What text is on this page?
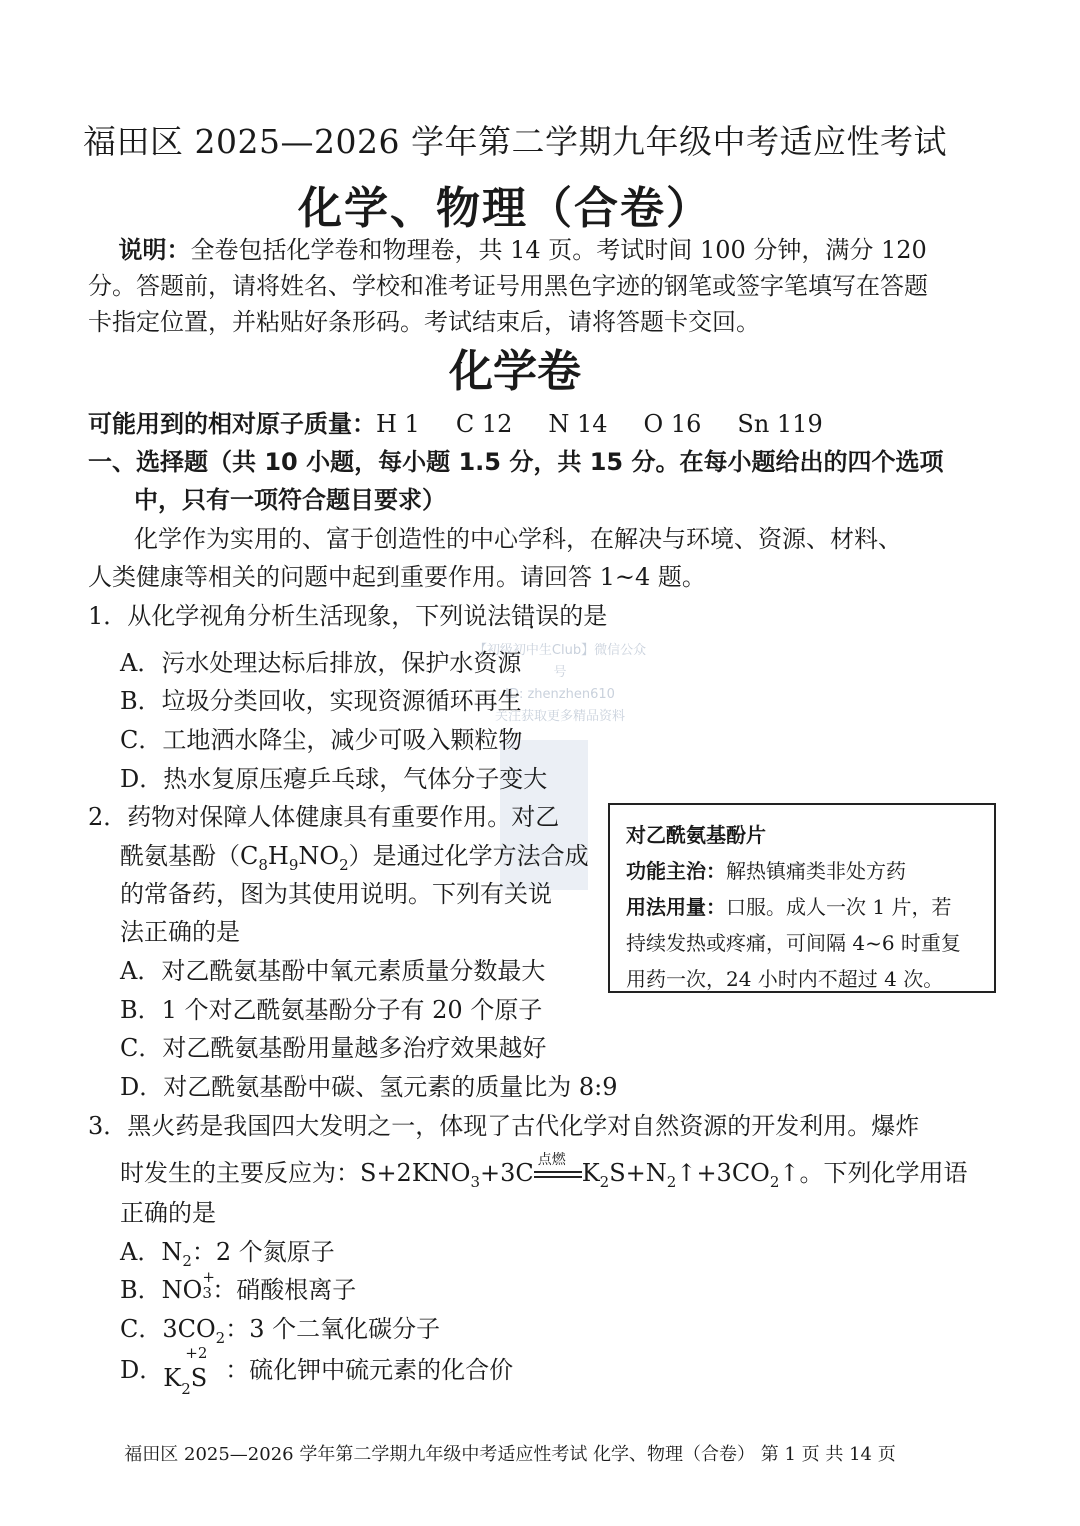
【初级初中生Club】微信公众号
ID: zhenzhen610
关注获取更多精品资料
福田区 2025—2026 学年第二学期九年级中考适应性考试
化学、物理（合卷）
说明：全卷包括化学卷和物理卷，共 14 页。考试时间 100 分钟，满分 120 分。答题前，请将姓名、学校和准考证号用黑色字迹的钢笔或签字笔填写在答题卡指定位置，并粘贴好条形码。考试结束后，请将答题卡交回。
化学卷
可能用到的相对原子质量：H 1 C 12 N 14 O 16 Sn 119
一、选择题（共 10 小题，每小题 1.5 分，共 15 分。在每小题给出的四个选项
中，只有一项符合题目要求）
化学作为实用的、富于创造性的中心学科，在解决与环境、资源、材料、
人类健康等相关的问题中起到重要作用。请回答 1~4 题。
1．从化学视角分析生活现象，下列说法错误的是
A．污水处理达标后排放，保护水资源
B．垃圾分类回收，实现资源循环再生
C．工地洒水降尘，减少可吸入颗粒物
D．热水复原压瘪乒乓球，气体分子变大
2．药物对保障人体健康具有重要作用。对乙
酰氨基酚$(C_8H_9NO_2)$是通过化学方法合成
的常备药，图为其使用说明。下列有关说
法正确的是
A．对乙酰氨基酚中氧元素质量分数最大
B．1 个对乙酰氨基酚分子有 20 个原子
C．对乙酰氨基酚用量越多治疗效果越好
D．对乙酰氨基酚中碳、氢元素的质量比为 8:9
对乙酰氨基酚片
功能主治：解热镇痛类非处方药
用法用量：口服。成人一次 1 片，若
持续发热或疼痛，可间隔 4~6 时重复
用药一次，24 小时内不超过 4 次。
3．黑火药是我国四大发明之一，体现了古代化学对自然资源的开发利用。爆炸
时发生的主要反应为：$S+2KNO_3+3C$ 点燃 $K_2S+N_2↑+3CO_2↑$。下列化学用语
正确的是
A．$N_2$：2 个氮原子
B．NO +
3 ：硝酸根离子
C．$3CO_2$：3 个二氧化碳分子
D．
+2
$K_2S$ ：硫化钾中硫元素的化合价
福田区 2025—2026 学年第二学期九年级中考适应性考试 化学、物理（合卷） 第 1 页 共 14 页
